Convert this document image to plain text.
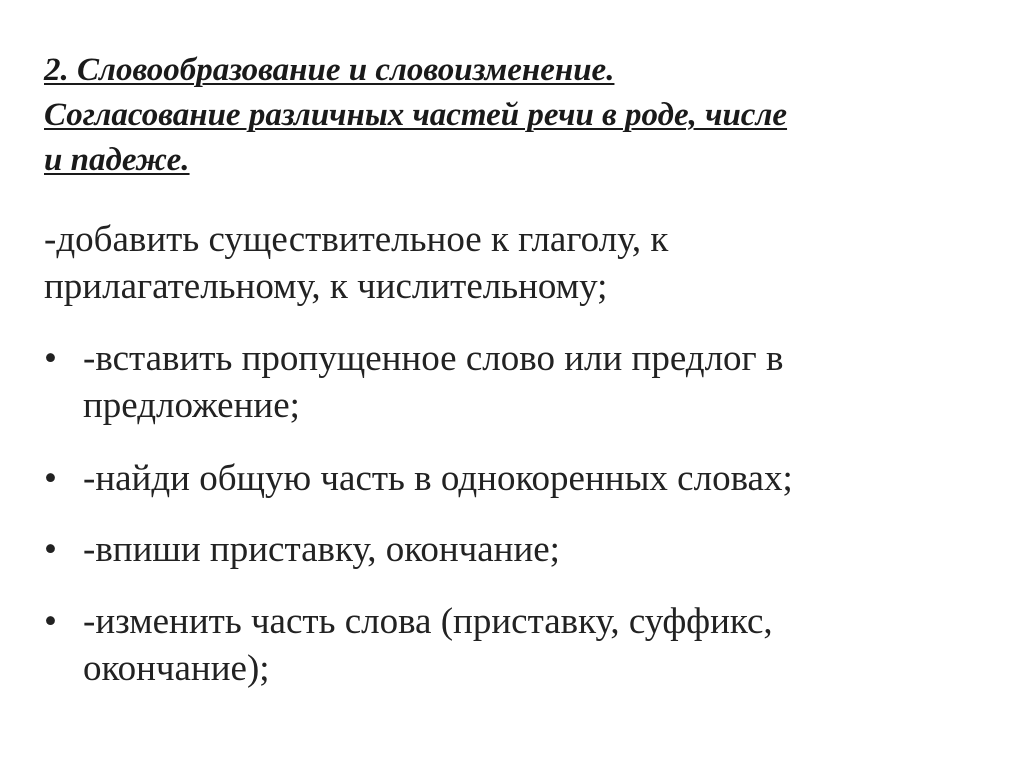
2. Словообразование и словоизменение.
Согласование различных частей речи в роде, числе
и падеже.
-добавить существительное к глаголу, к
прилагательному, к числительному;
• -вставить пропущенное слово или предлог в
предложение;
• -найди общую часть в однокоренных словах;
• -впиши приставку, окончание;
• -изменить часть слова (приставку, суффикс,
окончание);
